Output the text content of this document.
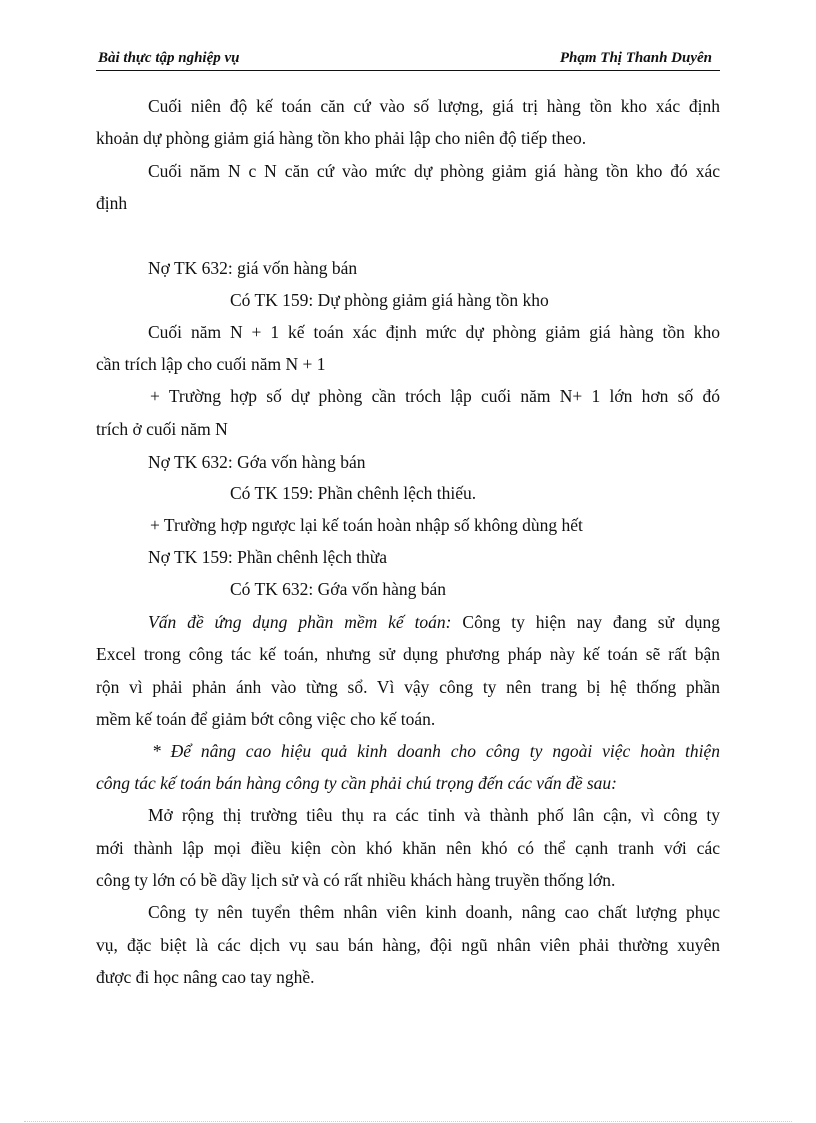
Bài thực tập nghiệp vụ	Phạm Thị Thanh Duyên
Cuối niên độ kế toán căn cứ vào số lượng, giá trị hàng tồn kho xác định
khoản dự phòng giảm giá hàng tồn kho phải lập cho niên độ tiếp theo.
Cuối năm N c N căn cứ vào mức dự phòng giảm giá hàng tồn kho đó xác
định
Nợ TK 632: giá vốn hàng bán
Có TK 159: Dự phòng giảm giá hàng tồn kho
Cuối năm N + 1 kế toán xác định mức dự phòng giảm giá hàng tồn kho
cần trích lập cho cuối năm N + 1
+ Trường hợp số dự phòng cần tróch lập cuối năm N+ 1 lớn hơn số đó
trích ở cuối năm N
Nợ TK 632: Gớa vốn hàng bán
Có TK 159: Phần chênh lệch thiếu.
+ Trường hợp ngược lại kế toán hoàn nhập số không dùng hết
Nợ TK 159: Phần chênh lệch thừa
Có TK 632: Gớa vốn hàng bán
Vấn đề ứng dụng phần mềm kế toán: Công ty hiện nay đang sử dụng
Excel trong công tác kế toán, nhưng sử dụng phương pháp này kế toán sẽ rất bận
rộn vì phải phản ánh vào từng sổ. Vì vậy công ty nên trang bị hệ thống phần
mềm kế toán để giảm bớt công việc cho kế toán.
* Để nâng cao hiệu quả kinh doanh cho công ty ngoài việc hoàn thiện
công tác kế toán bán hàng công ty cần phải chú trọng đến các vấn đề sau:
Mở rộng thị trường tiêu thụ ra các tỉnh và thành phố lân cận, vì công ty
mới thành lập mọi điều kiện còn khó khăn nên khó có thể cạnh tranh với các
công ty lớn có bề dầy lịch sử và có rất nhiều khách hàng truyền thống lớn.
Công ty nên tuyển thêm nhân viên kinh doanh, nâng cao chất lượng phục
vụ, đặc biệt là các dịch vụ sau bán hàng, đội ngũ nhân viên phải thường xuyên
được đi học nâng cao tay nghề.
